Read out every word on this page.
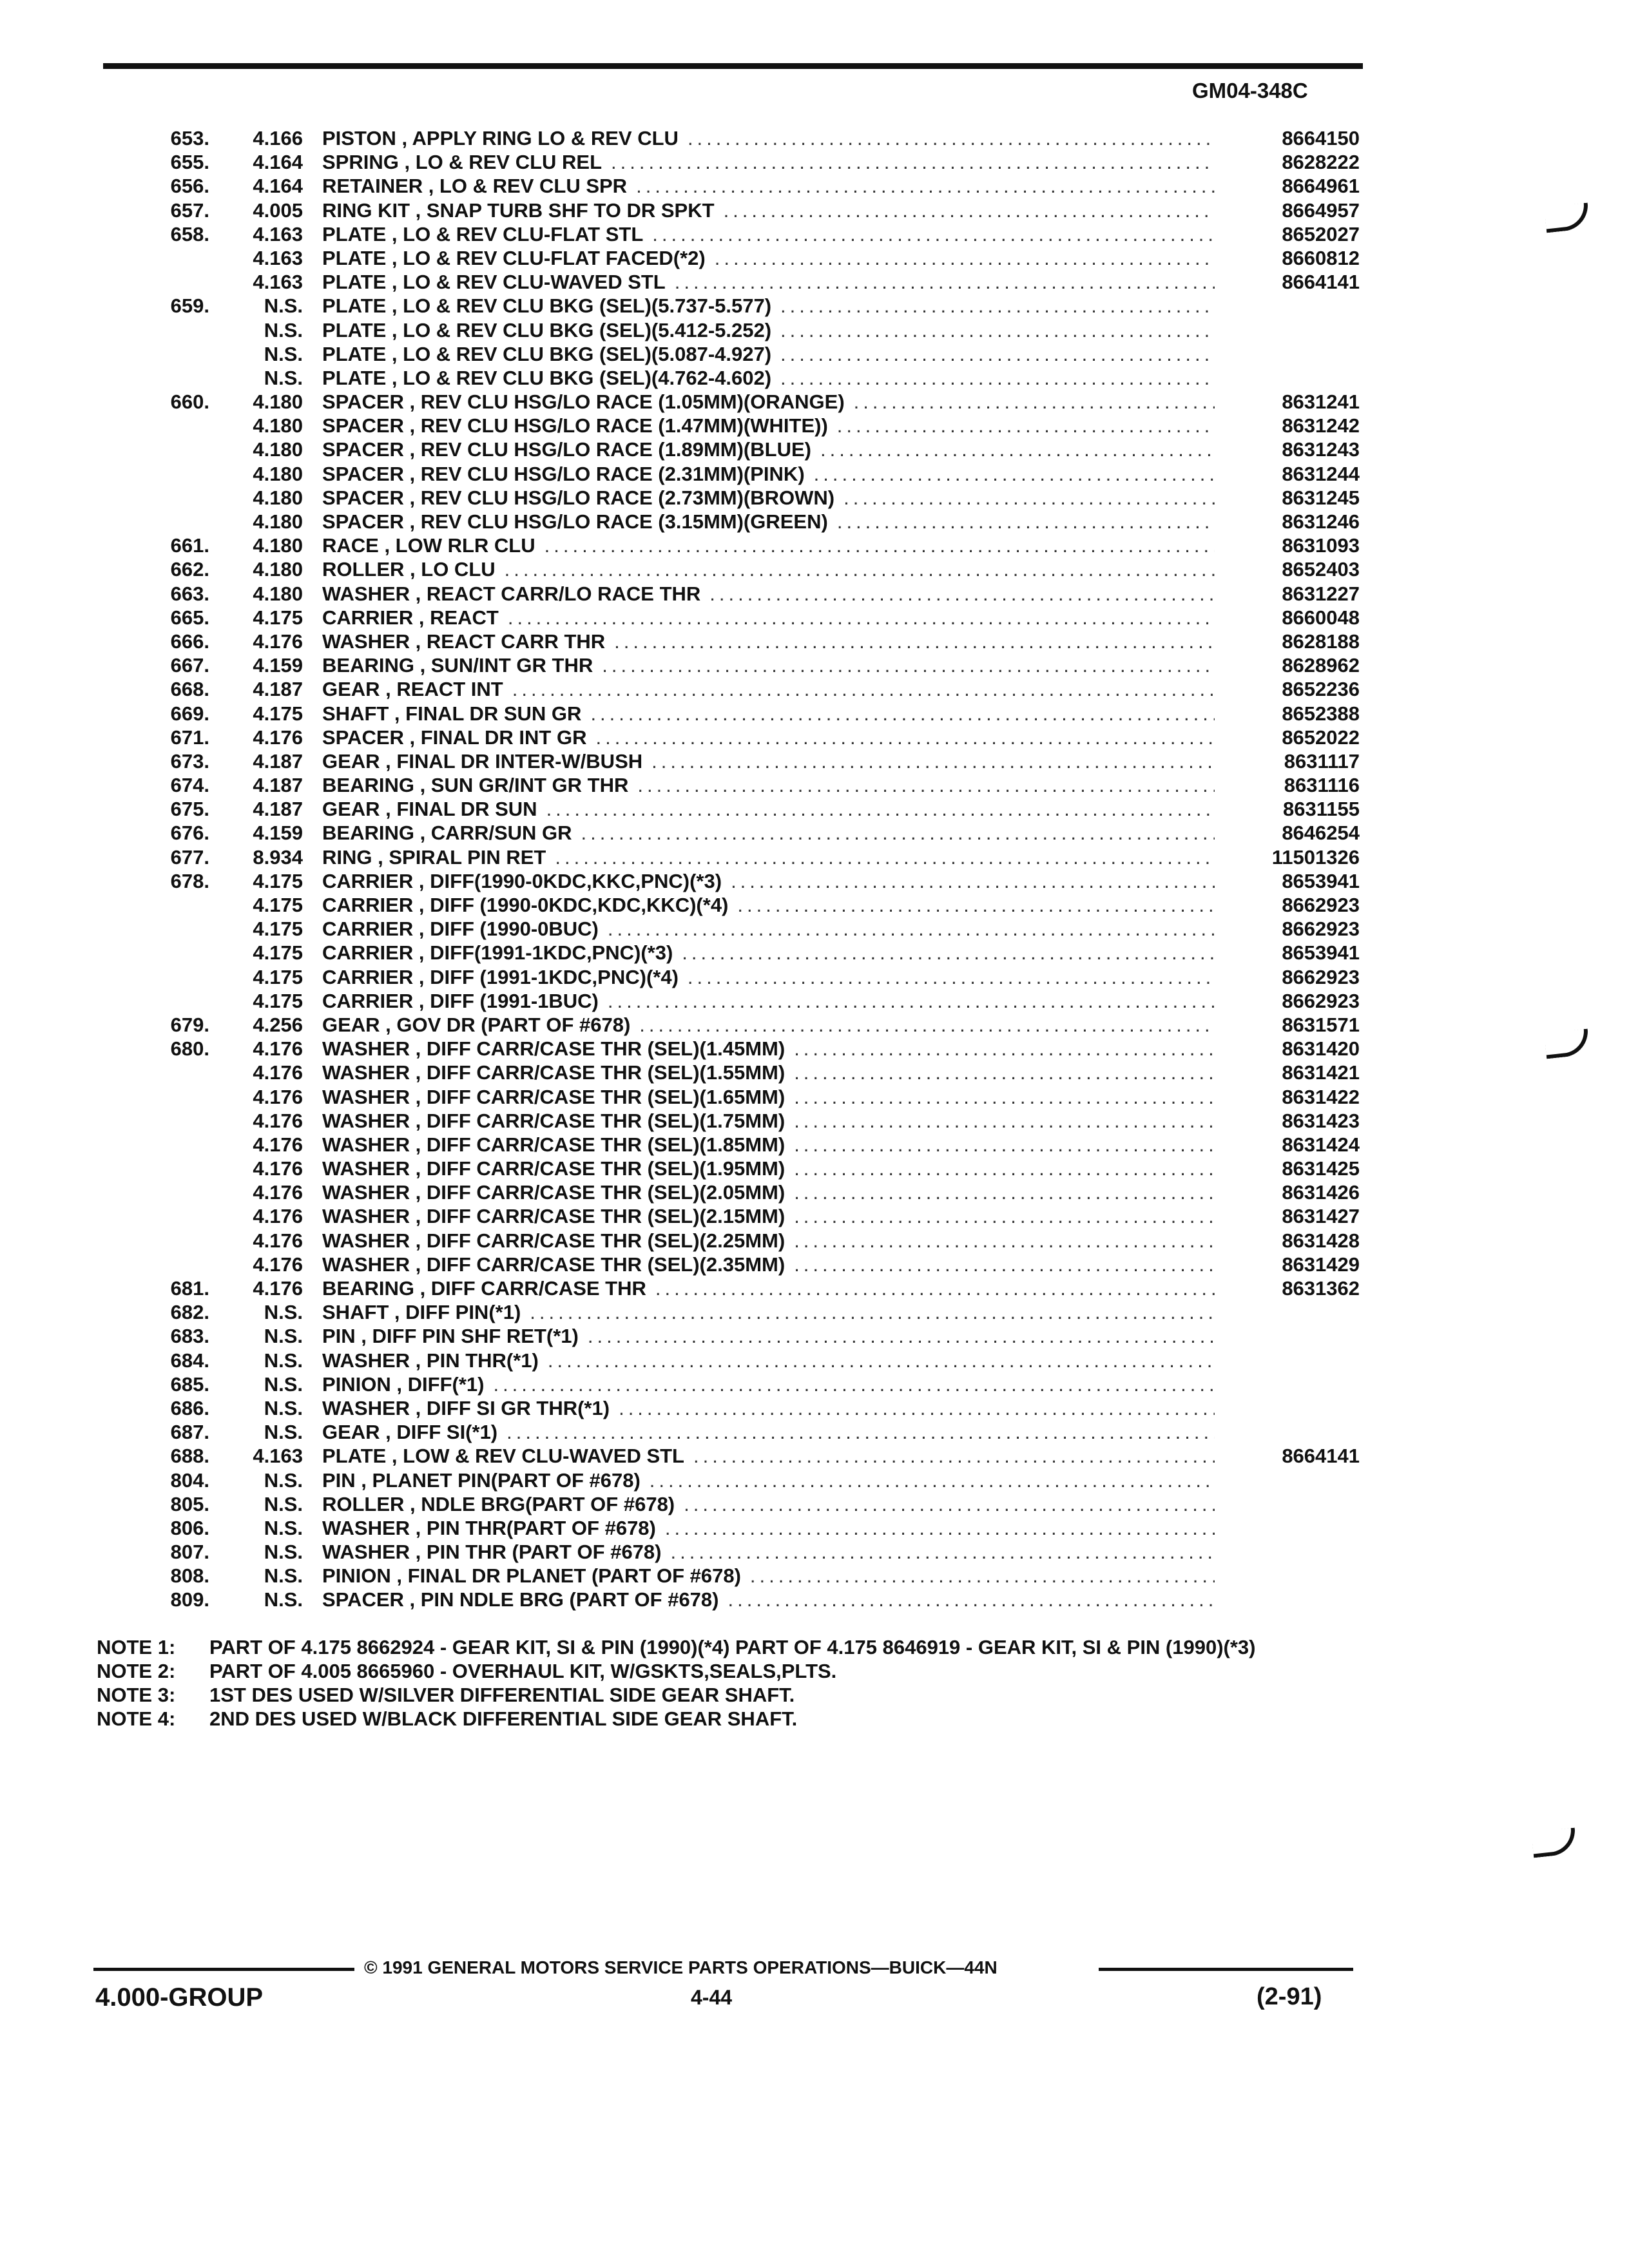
GM04-348C
653.	4.166 PISTON , APPLY RING LO & REV CLU .....	8664150
655.	4.164 SPRING , LO & REV CLU REL .....	8628222
656.	4.164 RETAINER , LO & REV CLU SPR .....	8664961
657.	4.005 RING KIT , SNAP TURB SHF TO DR SPKT .....	8664957
658.	4.163 PLATE , LO & REV CLU-FLAT STL .....	8652027
4.163 PLATE , LO & REV CLU-FLAT FACED(*2) .....	8660812
4.163 PLATE , LO & REV CLU-WAVED STL .....	8664141
659.	N.S. PLATE , LO & REV CLU BKG (SEL)(5.737-5.577) .....
N.S. PLATE , LO & REV CLU BKG (SEL)(5.412-5.252) .....
N.S. PLATE , LO & REV CLU BKG (SEL)(5.087-4.927) .....
N.S. PLATE , LO & REV CLU BKG (SEL)(4.762-4.602) .....
660.	4.180 SPACER , REV CLU HSG/LO RACE (1.05MM)(ORANGE) .....	8631241
4.180 SPACER , REV CLU HSG/LO RACE (1.47MM)(WHITE)) .....	8631242
4.180 SPACER , REV CLU HSG/LO RACE (1.89MM)(BLUE) .....	8631243
4.180 SPACER , REV CLU HSG/LO RACE (2.31MM)(PINK) .....	8631244
4.180 SPACER , REV CLU HSG/LO RACE (2.73MM)(BROWN) .....	8631245
4.180 SPACER , REV CLU HSG/LO RACE (3.15MM)(GREEN) .....	8631246
661.	4.180 RACE , LOW RLR CLU .....	8631093
662.	4.180 ROLLER , LO CLU .....	8652403
663.	4.180 WASHER , REACT CARR/LO RACE THR .....	8631227
665.	4.175 CARRIER , REACT .....	8660048
666.	4.176 WASHER , REACT CARR THR .....	8628188
667.	4.159 BEARING , SUN/INT GR THR .....	8628962
668.	4.187 GEAR , REACT INT .....	8652236
669.	4.175 SHAFT , FINAL DR SUN GR .....	8652388
671.	4.176 SPACER , FINAL DR INT GR .....	8652022
673.	4.187 GEAR , FINAL DR INTER-W/BUSH .....	8631117
674.	4.187 BEARING , SUN GR/INT GR THR .....	8631116
675.	4.187 GEAR , FINAL DR SUN .....	8631155
676.	4.159 BEARING , CARR/SUN GR .....	8646254
677.	8.934 RING , SPIRAL PIN RET .....	11501326
678.	4.175 CARRIER , DIFF(1990-0KDC,KKC,PNC)(*3) .....	8653941
4.175 CARRIER , DIFF (1990-0KDC,KDC,KKC)(*4) .....	8662923
4.175 CARRIER , DIFF (1990-0BUC) .....	8662923
4.175 CARRIER , DIFF(1991-1KDC,PNC)(*3) .....	8653941
4.175 CARRIER , DIFF (1991-1KDC,PNC)(*4) .....	8662923
4.175 CARRIER , DIFF (1991-1BUC) .....	8662923
679.	4.256 GEAR , GOV DR (PART OF #678) .....	8631571
680.	4.176 WASHER , DIFF CARR/CASE THR (SEL)(1.45MM) .....	8631420
4.176 WASHER , DIFF CARR/CASE THR (SEL)(1.55MM) .....	8631421
4.176 WASHER , DIFF CARR/CASE THR (SEL)(1.65MM) .....	8631422
4.176 WASHER , DIFF CARR/CASE THR (SEL)(1.75MM) .....	8631423
4.176 WASHER , DIFF CARR/CASE THR (SEL)(1.85MM) .....	8631424
4.176 WASHER , DIFF CARR/CASE THR (SEL)(1.95MM) .....	8631425
4.176 WASHER , DIFF CARR/CASE THR (SEL)(2.05MM) .....	8631426
4.176 WASHER , DIFF CARR/CASE THR (SEL)(2.15MM) .....	8631427
4.176 WASHER , DIFF CARR/CASE THR (SEL)(2.25MM) .....	8631428
4.176 WASHER , DIFF CARR/CASE THR (SEL)(2.35MM) .....	8631429
681.	4.176 BEARING , DIFF CARR/CASE THR .....	8631362
682.	N.S. SHAFT , DIFF PIN(*1) .....
683.	N.S. PIN , DIFF PIN SHF RET(*1) .....
684.	N.S. WASHER , PIN THR(*1) .....
685.	N.S. PINION , DIFF(*1) .....
686.	N.S. WASHER , DIFF SI GR THR(*1) .....
687.	N.S. GEAR , DIFF SI(*1) .....
688.	4.163 PLATE , LOW & REV CLU-WAVED STL .....	8664141
804.	N.S. PIN , PLANET PIN(PART OF #678) .....
805.	N.S. ROLLER , NDLE BRG(PART OF #678) .....
806.	N.S. WASHER , PIN THR(PART OF #678) .....
807.	N.S. WASHER , PIN THR (PART OF #678) .....
808.	N.S. PINION , FINAL DR PLANET (PART OF #678) .....
809.	N.S. SPACER , PIN NDLE BRG (PART OF #678) .....
NOTE 1:	PART OF 4.175 8662924 - GEAR KIT, SI & PIN (1990)(*4) PART OF 4.175 8646919 - GEAR KIT, SI & PIN (1990)(*3)
NOTE 2:	PART OF 4.005 8665960 - OVERHAUL KIT, W/GSKTS,SEALS,PLTS.
NOTE 3:	1ST DES USED W/SILVER DIFFERENTIAL SIDE GEAR SHAFT.
NOTE 4:	2ND DES USED W/BLACK DIFFERENTIAL SIDE GEAR SHAFT.
© 1991 GENERAL MOTORS SERVICE PARTS OPERATIONS—BUICK—44N
4.000-GROUP	4-44	(2-91)
